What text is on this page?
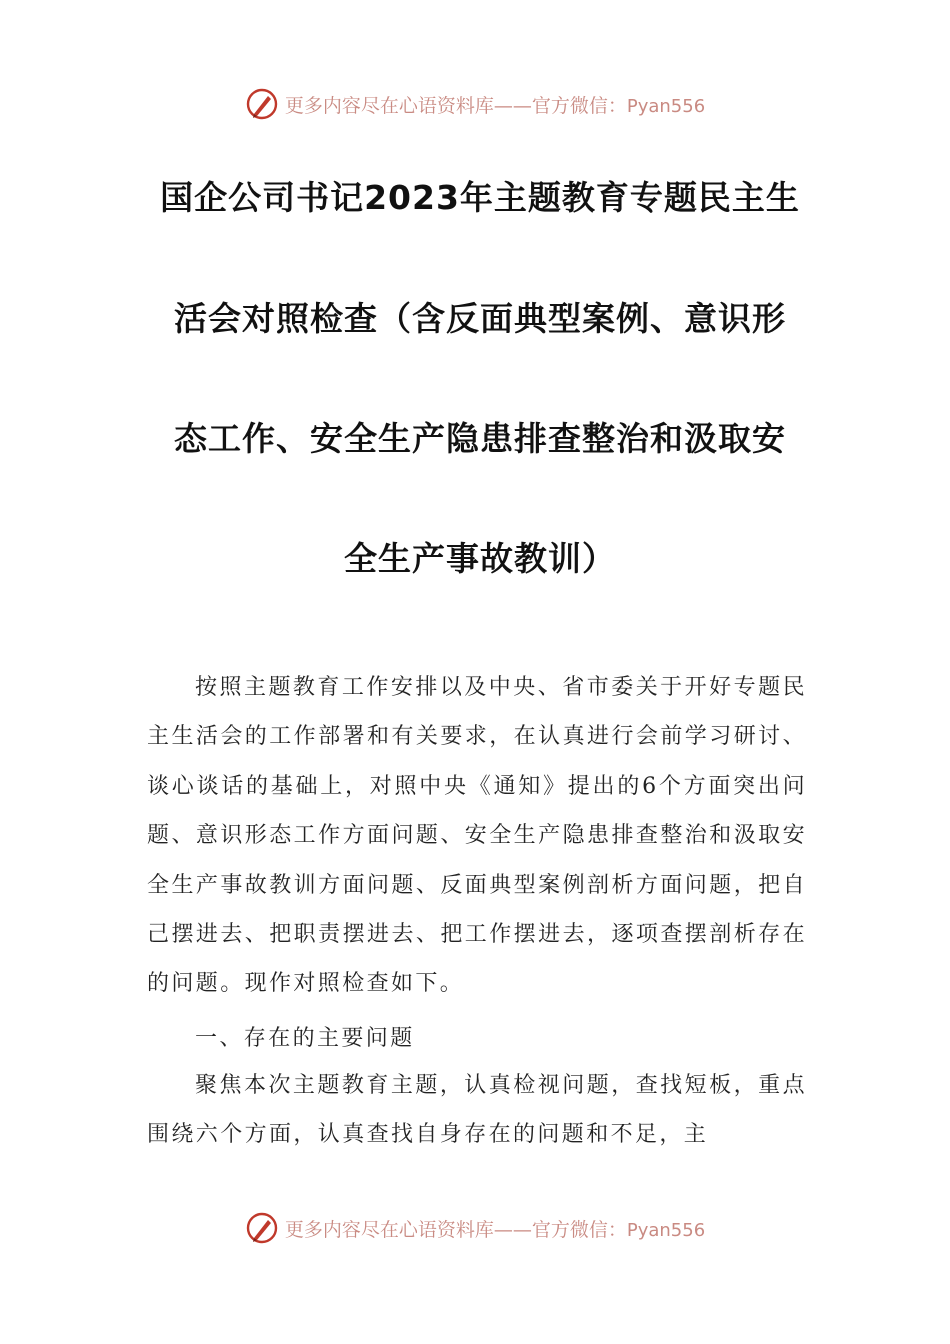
更多内容尽在心语资料库——官方微信：Pyan556
国企公司书记2023年主题教育专题民主生
活会对照检查（含反面典型案例、意识形
态工作、安全生产隐患排查整治和汲取安
全生产事故教训）
按照主题教育工作安排以及中央、省市委关于开好专题民主生活会的工作部署和有关要求，在认真进行会前学习研讨、谈心谈话的基础上，对照中央《通知》提出的6个方面突出问题、意识形态工作方面问题、安全生产隐患排查整治和汲取安全生产事故教训方面问题、反面典型案例剖析方面问题，把自己摆进去、把职责摆进去、把工作摆进去，逐项查摆剖析存在的问题。现作对照检查如下。
一、存在的主要问题
聚焦本次主题教育主题，认真检视问题，查找短板，重点围绕六个方面，认真查找自身存在的问题和不足，主
更多内容尽在心语资料库——官方微信：Pyan556
